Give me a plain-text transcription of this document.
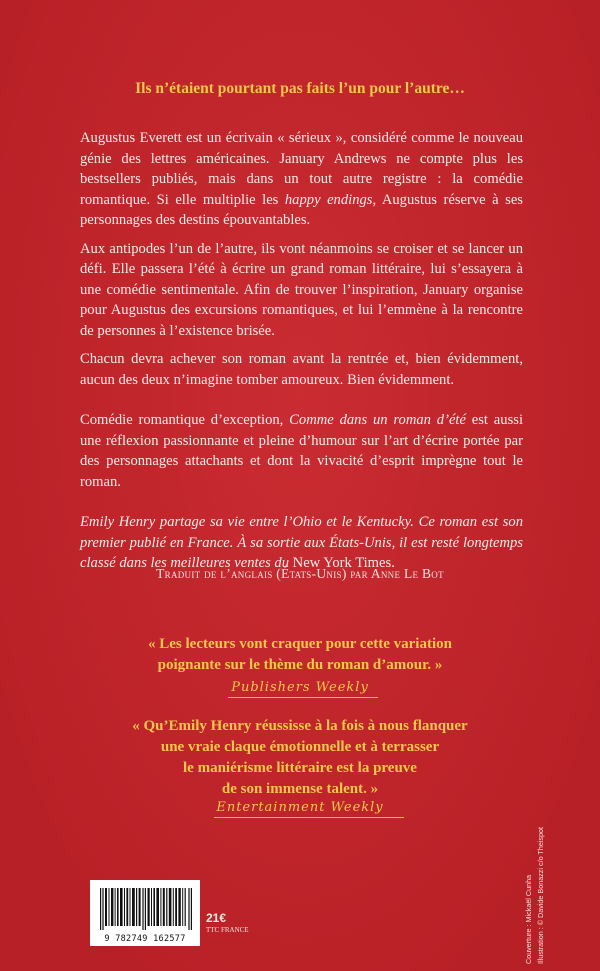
Ils n’étaient pourtant pas faits l’un pour l’autre…

Augustus Everett est un écrivain « sérieux », considéré comme le nouveau génie des lettres américaines. January Andrews ne compte plus les bestsellers publiés, mais dans un tout autre registre : la comédie romantique. Si elle multiplie les happy endings, Augustus réserve à ses personnages des destins épouvantables.

Aux antipodes l’un de l’autre, ils vont néanmoins se croiser et se lancer un défi. Elle passera l’été à écrire un grand roman littéraire, lui s’essayera à une comédie sentimentale. Afin de trouver l’inspiration, January organise pour Augustus des excursions romantiques, et lui l’emmène à la rencontre de personnes à l’existence brisée.

Chacun devra achever son roman avant la rentrée et, bien évidemment, aucun des deux n’imagine tomber amoureux. Bien évidemment.

Comédie romantique d’exception, Comme dans un roman d’été est aussi une réflexion passionnante et pleine d’humour sur l’art d’écrire portée par des personnages attachants et dont la vivacité d’esprit imprègne tout le roman.

Emily Henry partage sa vie entre l’Ohio et le Kentucky. Ce roman est son premier publié en France. À sa sortie aux États-Unis, il est resté longtemps classé dans les meilleures ventes du New York Times.

Traduit de l’anglais (États-Unis) par Anne Le Bot
« Les lecteurs vont craquer pour cette variation
poignante sur le thème du roman d’amour. »
Publishers Weekly
« Qu’Emily Henry réussisse à la fois à nous flanquer
une vraie claque émotionnelle et à terrasser
le maniérisme littéraire est la preuve
de son immense talent. »
Entertainment Weekly
9 782749 162577
21€
TTC FRANCE	Couverture : Mickaël Cunha Illustration : © Davide Bonazzi c/o Theispot
